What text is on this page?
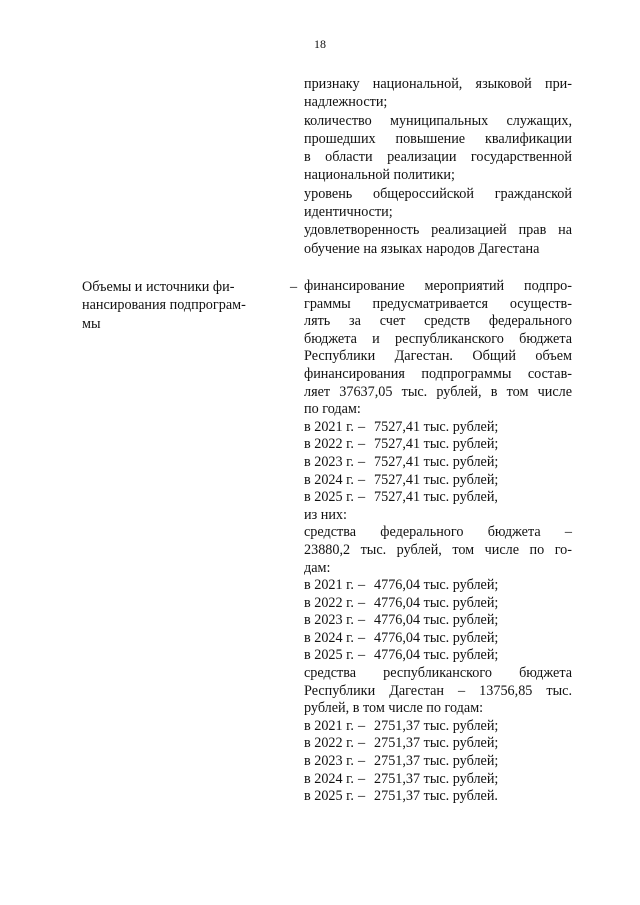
18
признаку национальной, языковой при-
надлежности;
количество муниципальных служащих,
прошедших повышение квалификации
в области реализации государственной
национальной политики;
уровень общероссийской гражданской
идентичности;
удовлетворенность реализацией прав на
обучение на языках народов Дагестана
Объемы и источники фи-
нансирования подпрограм-
мы
– финансирование мероприятий подпро-
граммы предусматривается осуществ-
лять за счет средств федерального
бюджета и республиканского бюджета
Республики Дагестан. Общий объем
финансирования подпрограммы состав-
ляет 37637,05 тыс. рублей, в том числе
по годам:
в 2021 г. – 7527,41 тыс. рублей;
в 2022 г. – 7527,41 тыс. рублей;
в 2023 г. – 7527,41 тыс. рублей;
в 2024 г. – 7527,41 тыс. рублей;
в 2025 г. – 7527,41 тыс. рублей,
из них:
средства федерального бюджета –
23880,2 тыс. рублей, том числе по го-
дам:
в 2021 г. – 4776,04 тыс. рублей;
в 2022 г. – 4776,04 тыс. рублей;
в 2023 г. – 4776,04 тыс. рублей;
в 2024 г. – 4776,04 тыс. рублей;
в 2025 г. – 4776,04 тыс. рублей;
средства республиканского бюджета
Республики Дагестан – 13756,85 тыс.
рублей, в том числе по годам:
в 2021 г. – 2751,37 тыс. рублей;
в 2022 г. – 2751,37 тыс. рублей;
в 2023 г. – 2751,37 тыс. рублей;
в 2024 г. – 2751,37 тыс. рублей;
в 2025 г. – 2751,37 тыс. рублей.
